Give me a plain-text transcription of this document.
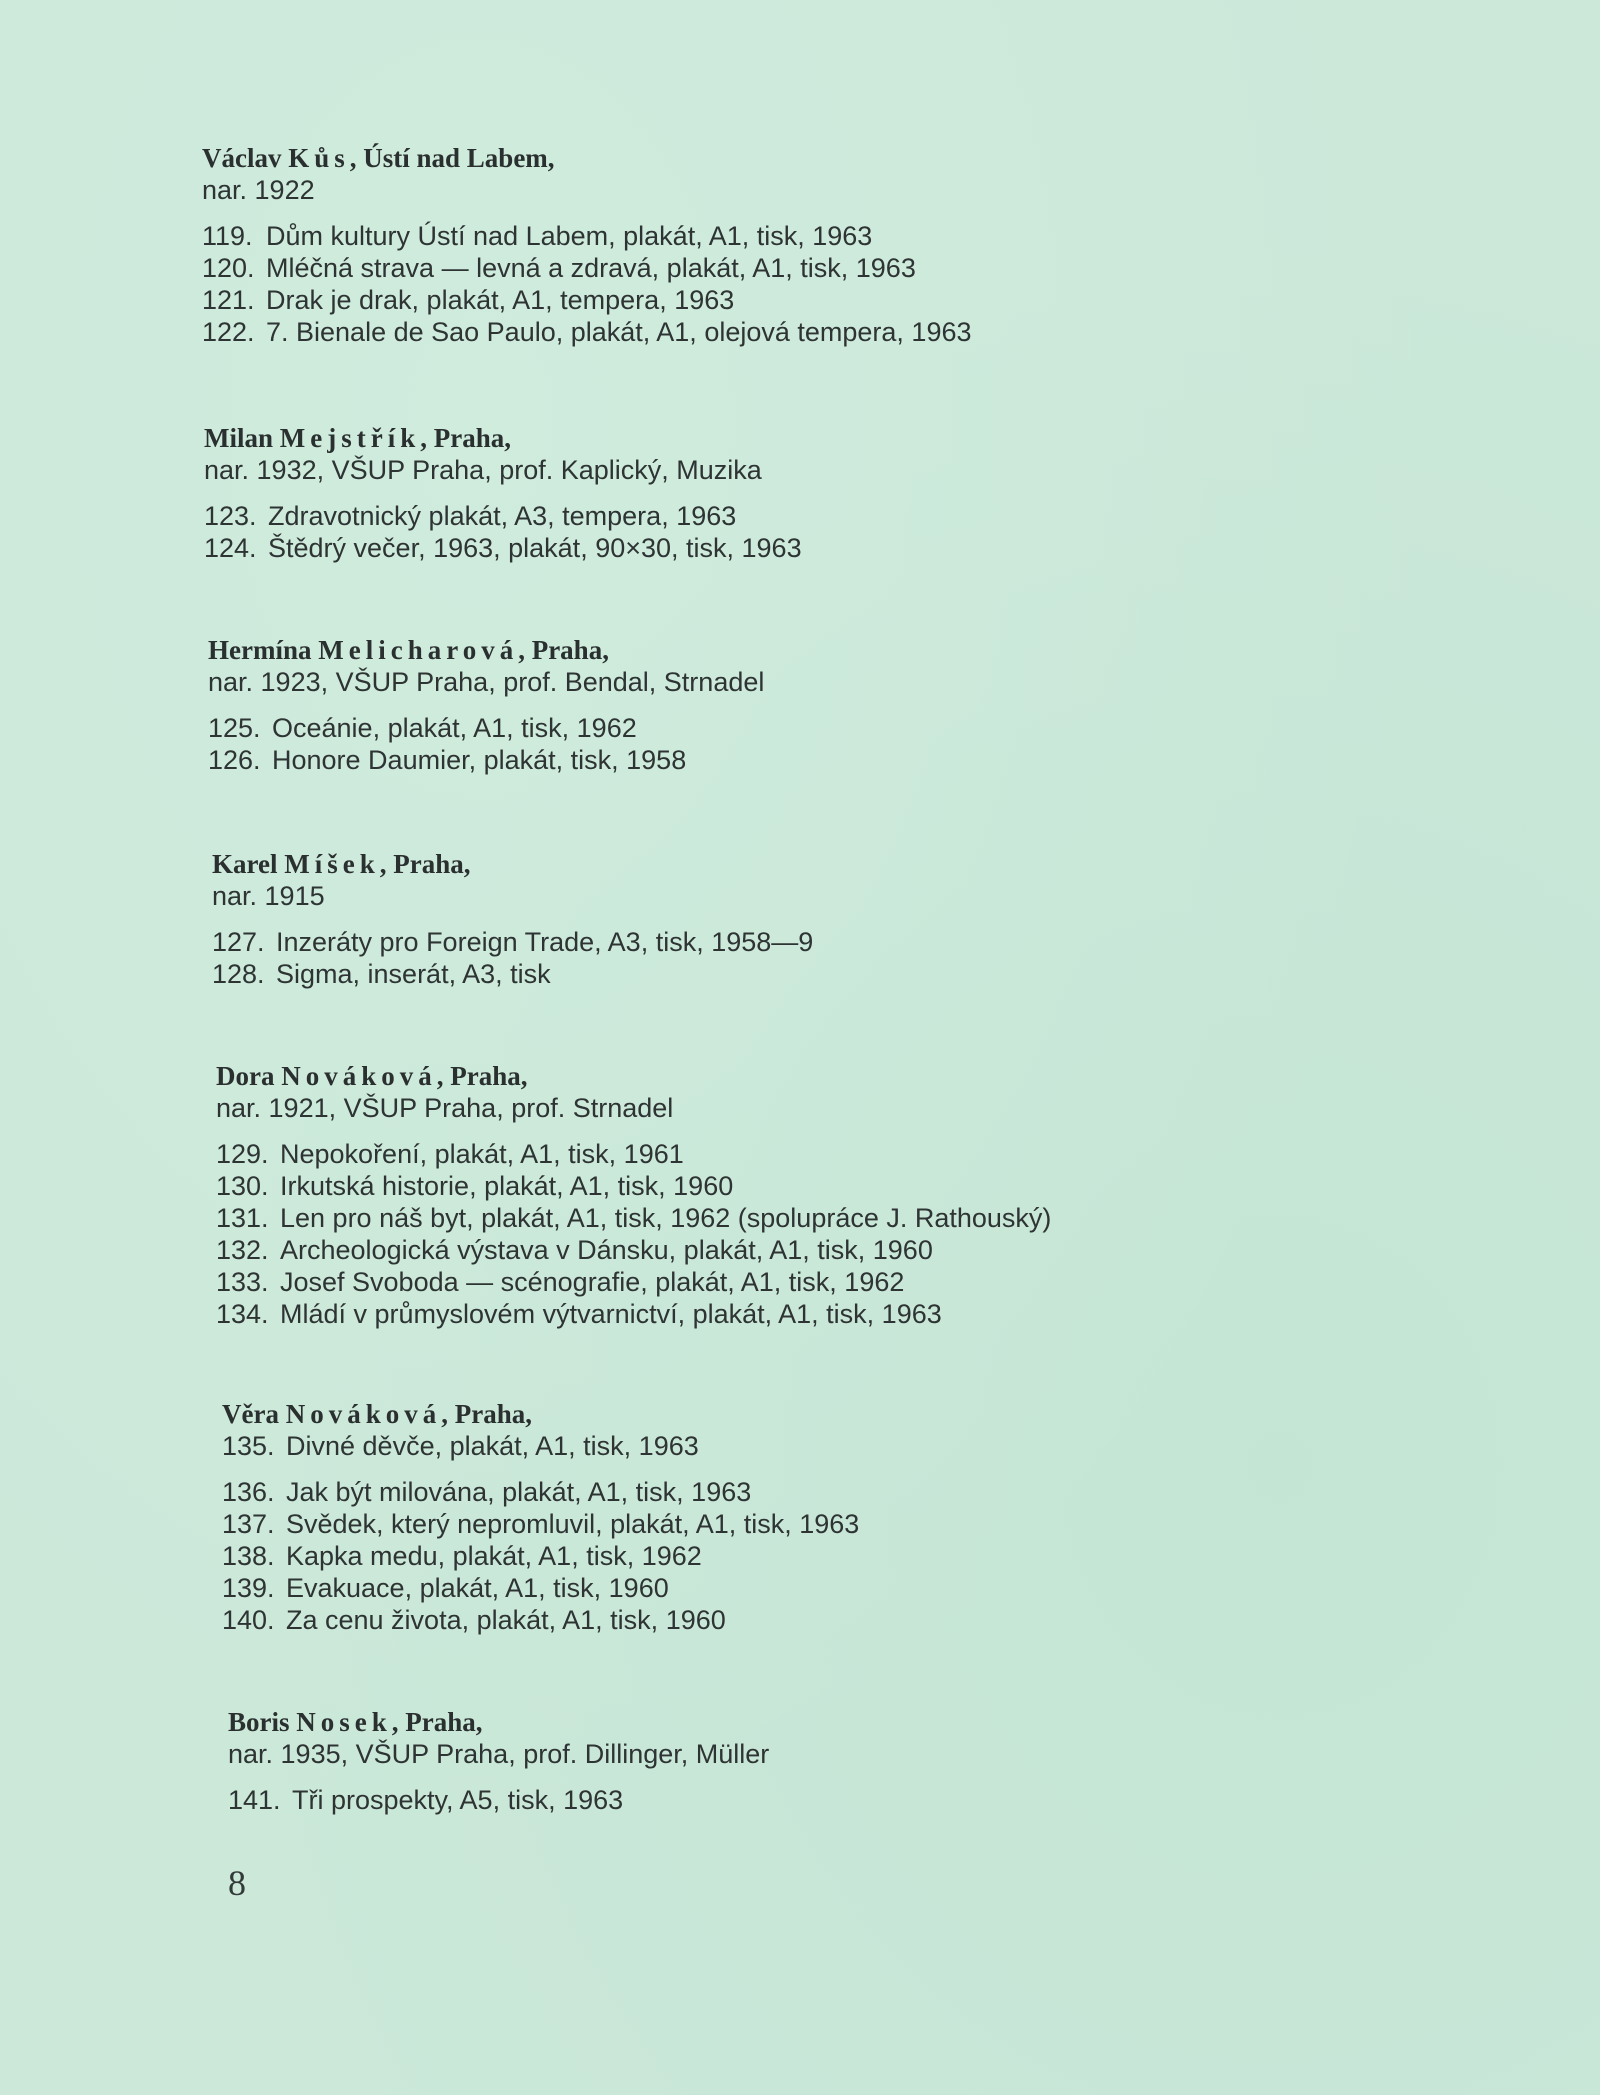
Václav Kůs, Ústí nad Labem,
nar. 1922
119. Dům kultury Ústí nad Labem, plakát, A1, tisk, 1963
120. Mléčná strava — levná a zdravá, plakát, A1, tisk, 1963
121. Drak je drak, plakát, A1, tempera, 1963
122. 7. Bienale de Sao Paulo, plakát, A1, olejová tempera, 1963
Milan Mejstřík, Praha,
nar. 1932, VŠUP Praha, prof. Kaplický, Muzika
123. Zdravotnický plakát, A3, tempera, 1963
124. Štědrý večer, 1963, plakát, 90×30, tisk, 1963
Hermína Melicharová, Praha,
nar. 1923, VŠUP Praha, prof. Bendal, Strnadel
125. Oceánie, plakát, A1, tisk, 1962
126. Honore Daumier, plakát, tisk, 1958
Karel Míšek, Praha,
nar. 1915
127. Inzeráty pro Foreign Trade, A3, tisk, 1958—9
128. Sigma, inserát, A3, tisk
Dora Nováková, Praha,
nar. 1921, VŠUP Praha, prof. Strnadel
129. Nepokoření, plakát, A1, tisk, 1961
130. Irkutská historie, plakát, A1, tisk, 1960
131. Len pro náš byt, plakát, A1, tisk, 1962 (spolupráce J. Rathouský)
132. Archeologická výstava v Dánsku, plakát, A1, tisk, 1960
133. Josef Svoboda — scénografie, plakát, A1, tisk, 1962
134. Mládí v průmyslovém výtvarnictví, plakát, A1, tisk, 1963
Věra Nováková, Praha,
135. Divné děvče, plakát, A1, tisk, 1963
136. Jak být milována, plakát, A1, tisk, 1963
137. Svědek, který nepromluvil, plakát, A1, tisk, 1963
138. Kapka medu, plakát, A1, tisk, 1962
139. Evakuace, plakát, A1, tisk, 1960
140. Za cenu života, plakát, A1, tisk, 1960
Boris Nosek, Praha,
nar. 1935, VŠUP Praha, prof. Dillinger, Müller
141. Tři prospekty, A5, tisk, 1963
8
